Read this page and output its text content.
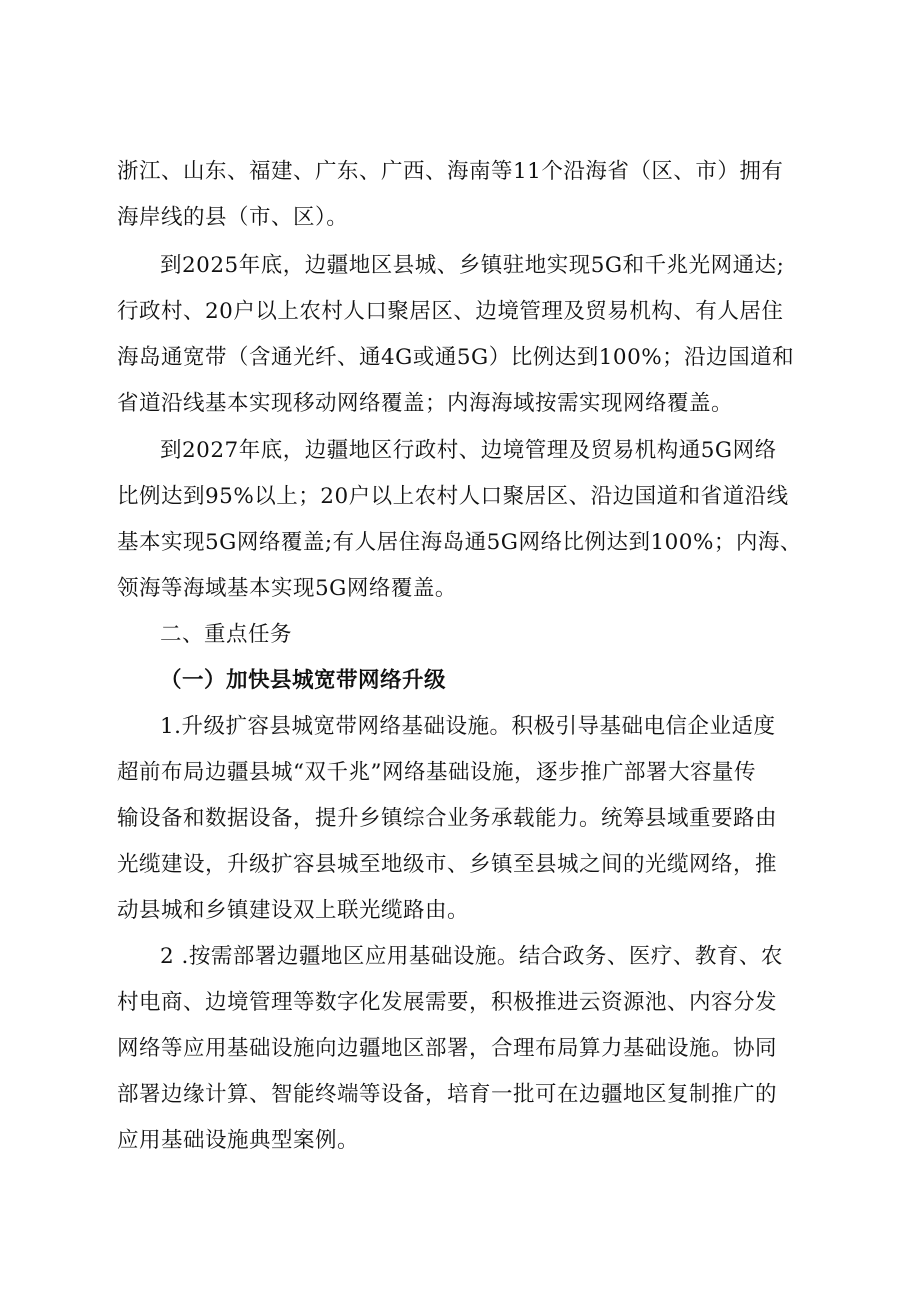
浙江、山东、福建、广东、广西、海南等11个沿海省（区、市）拥有
海岸线的县（市、区）。
到2025年底，边疆地区县城、乡镇驻地实现5G和千兆光网通达;
行政村、20户以上农村人口聚居区、边境管理及贸易机构、有人居住
海岛通宽带（含通光纤、通4G或通5G）比例达到100%；沿边国道和
省道沿线基本实现移动网络覆盖；内海海域按需实现网络覆盖。
到2027年底，边疆地区行政村、边境管理及贸易机构通5G网络
比例达到95%以上；20户以上农村人口聚居区、沿边国道和省道沿线
基本实现5G网络覆盖;有人居住海岛通5G网络比例达到100%；内海、
领海等海域基本实现5G网络覆盖。
二、重点任务
（一）加快县城宽带网络升级
1.升级扩容县城宽带网络基础设施。积极引导基础电信企业适度
超前布局边疆县城“双千兆”网络基础设施，逐步推广部署大容量传
输设备和数据设备，提升乡镇综合业务承载能力。统筹县域重要路由
光缆建设，升级扩容县城至地级市、乡镇至县城之间的光缆网络，推
动县城和乡镇建设双上联光缆路由。
2 .按需部署边疆地区应用基础设施。结合政务、医疗、教育、农
村电商、边境管理等数字化发展需要，积极推进云资源池、内容分发
网络等应用基础设施向边疆地区部署，合理布局算力基础设施。协同
部署边缘计算、智能终端等设备，培育一批可在边疆地区复制推广的
应用基础设施典型案例。
